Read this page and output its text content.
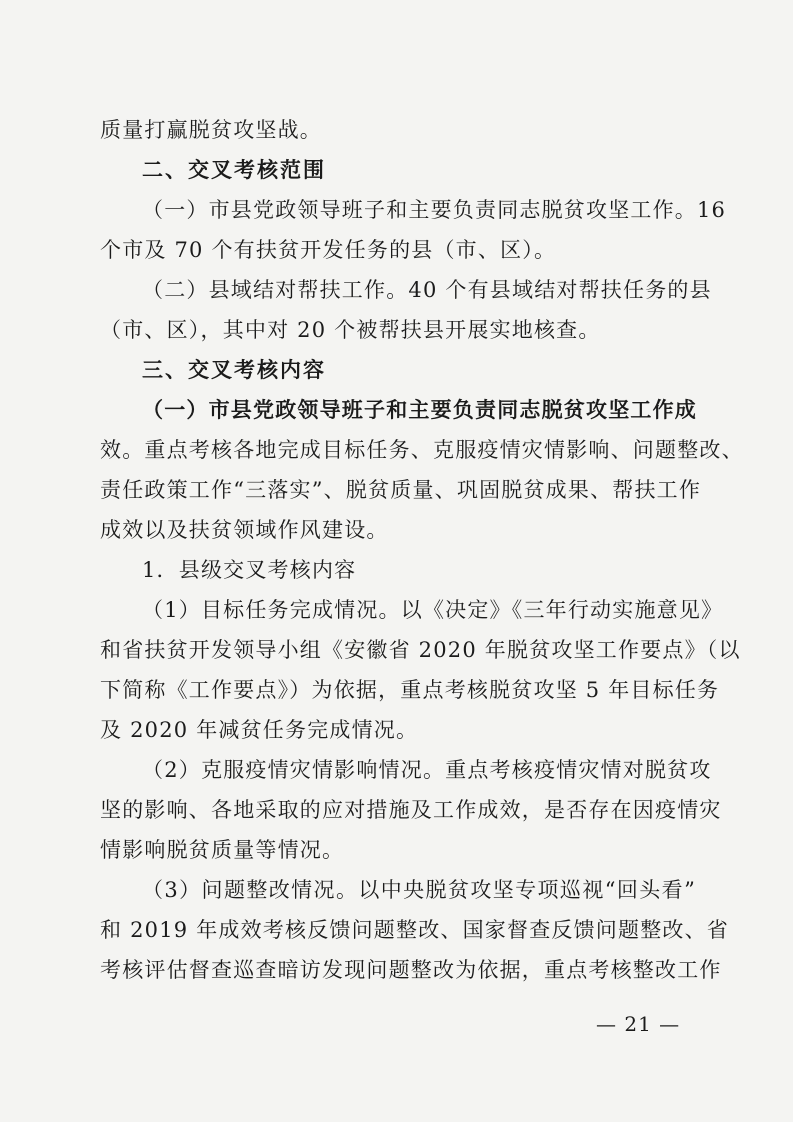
质量打赢脱贫攻坚战。
二、交叉考核范围
（一）市县党政领导班子和主要负责同志脱贫攻坚工作。16
个市及 70 个有扶贫开发任务的县（市、区）。
（二）县域结对帮扶工作。40 个有县域结对帮扶任务的县
（市、区），其中对 20 个被帮扶县开展实地核查。
三、交叉考核内容
（一）市县党政领导班子和主要负责同志脱贫攻坚工作成
效。重点考核各地完成目标任务、克服疫情灾情影响、问题整改、
责任政策工作“三落实”、脱贫质量、巩固脱贫成果、帮扶工作
成效以及扶贫领域作风建设。
1．县级交叉考核内容
（1）目标任务完成情况。以《决定》《三年行动实施意见》
和省扶贫开发领导小组《安徽省 2020 年脱贫攻坚工作要点》（以
下简称《工作要点》）为依据，重点考核脱贫攻坚 5 年目标任务
及 2020 年减贫任务完成情况。
（2）克服疫情灾情影响情况。重点考核疫情灾情对脱贫攻
坚的影响、各地采取的应对措施及工作成效，是否存在因疫情灾
情影响脱贫质量等情况。
（3）问题整改情况。以中央脱贫攻坚专项巡视“回头看”
和 2019 年成效考核反馈问题整改、国家督查反馈问题整改、省
考核评估督查巡查暗访发现问题整改为依据，重点考核整改工作
— 21 —
